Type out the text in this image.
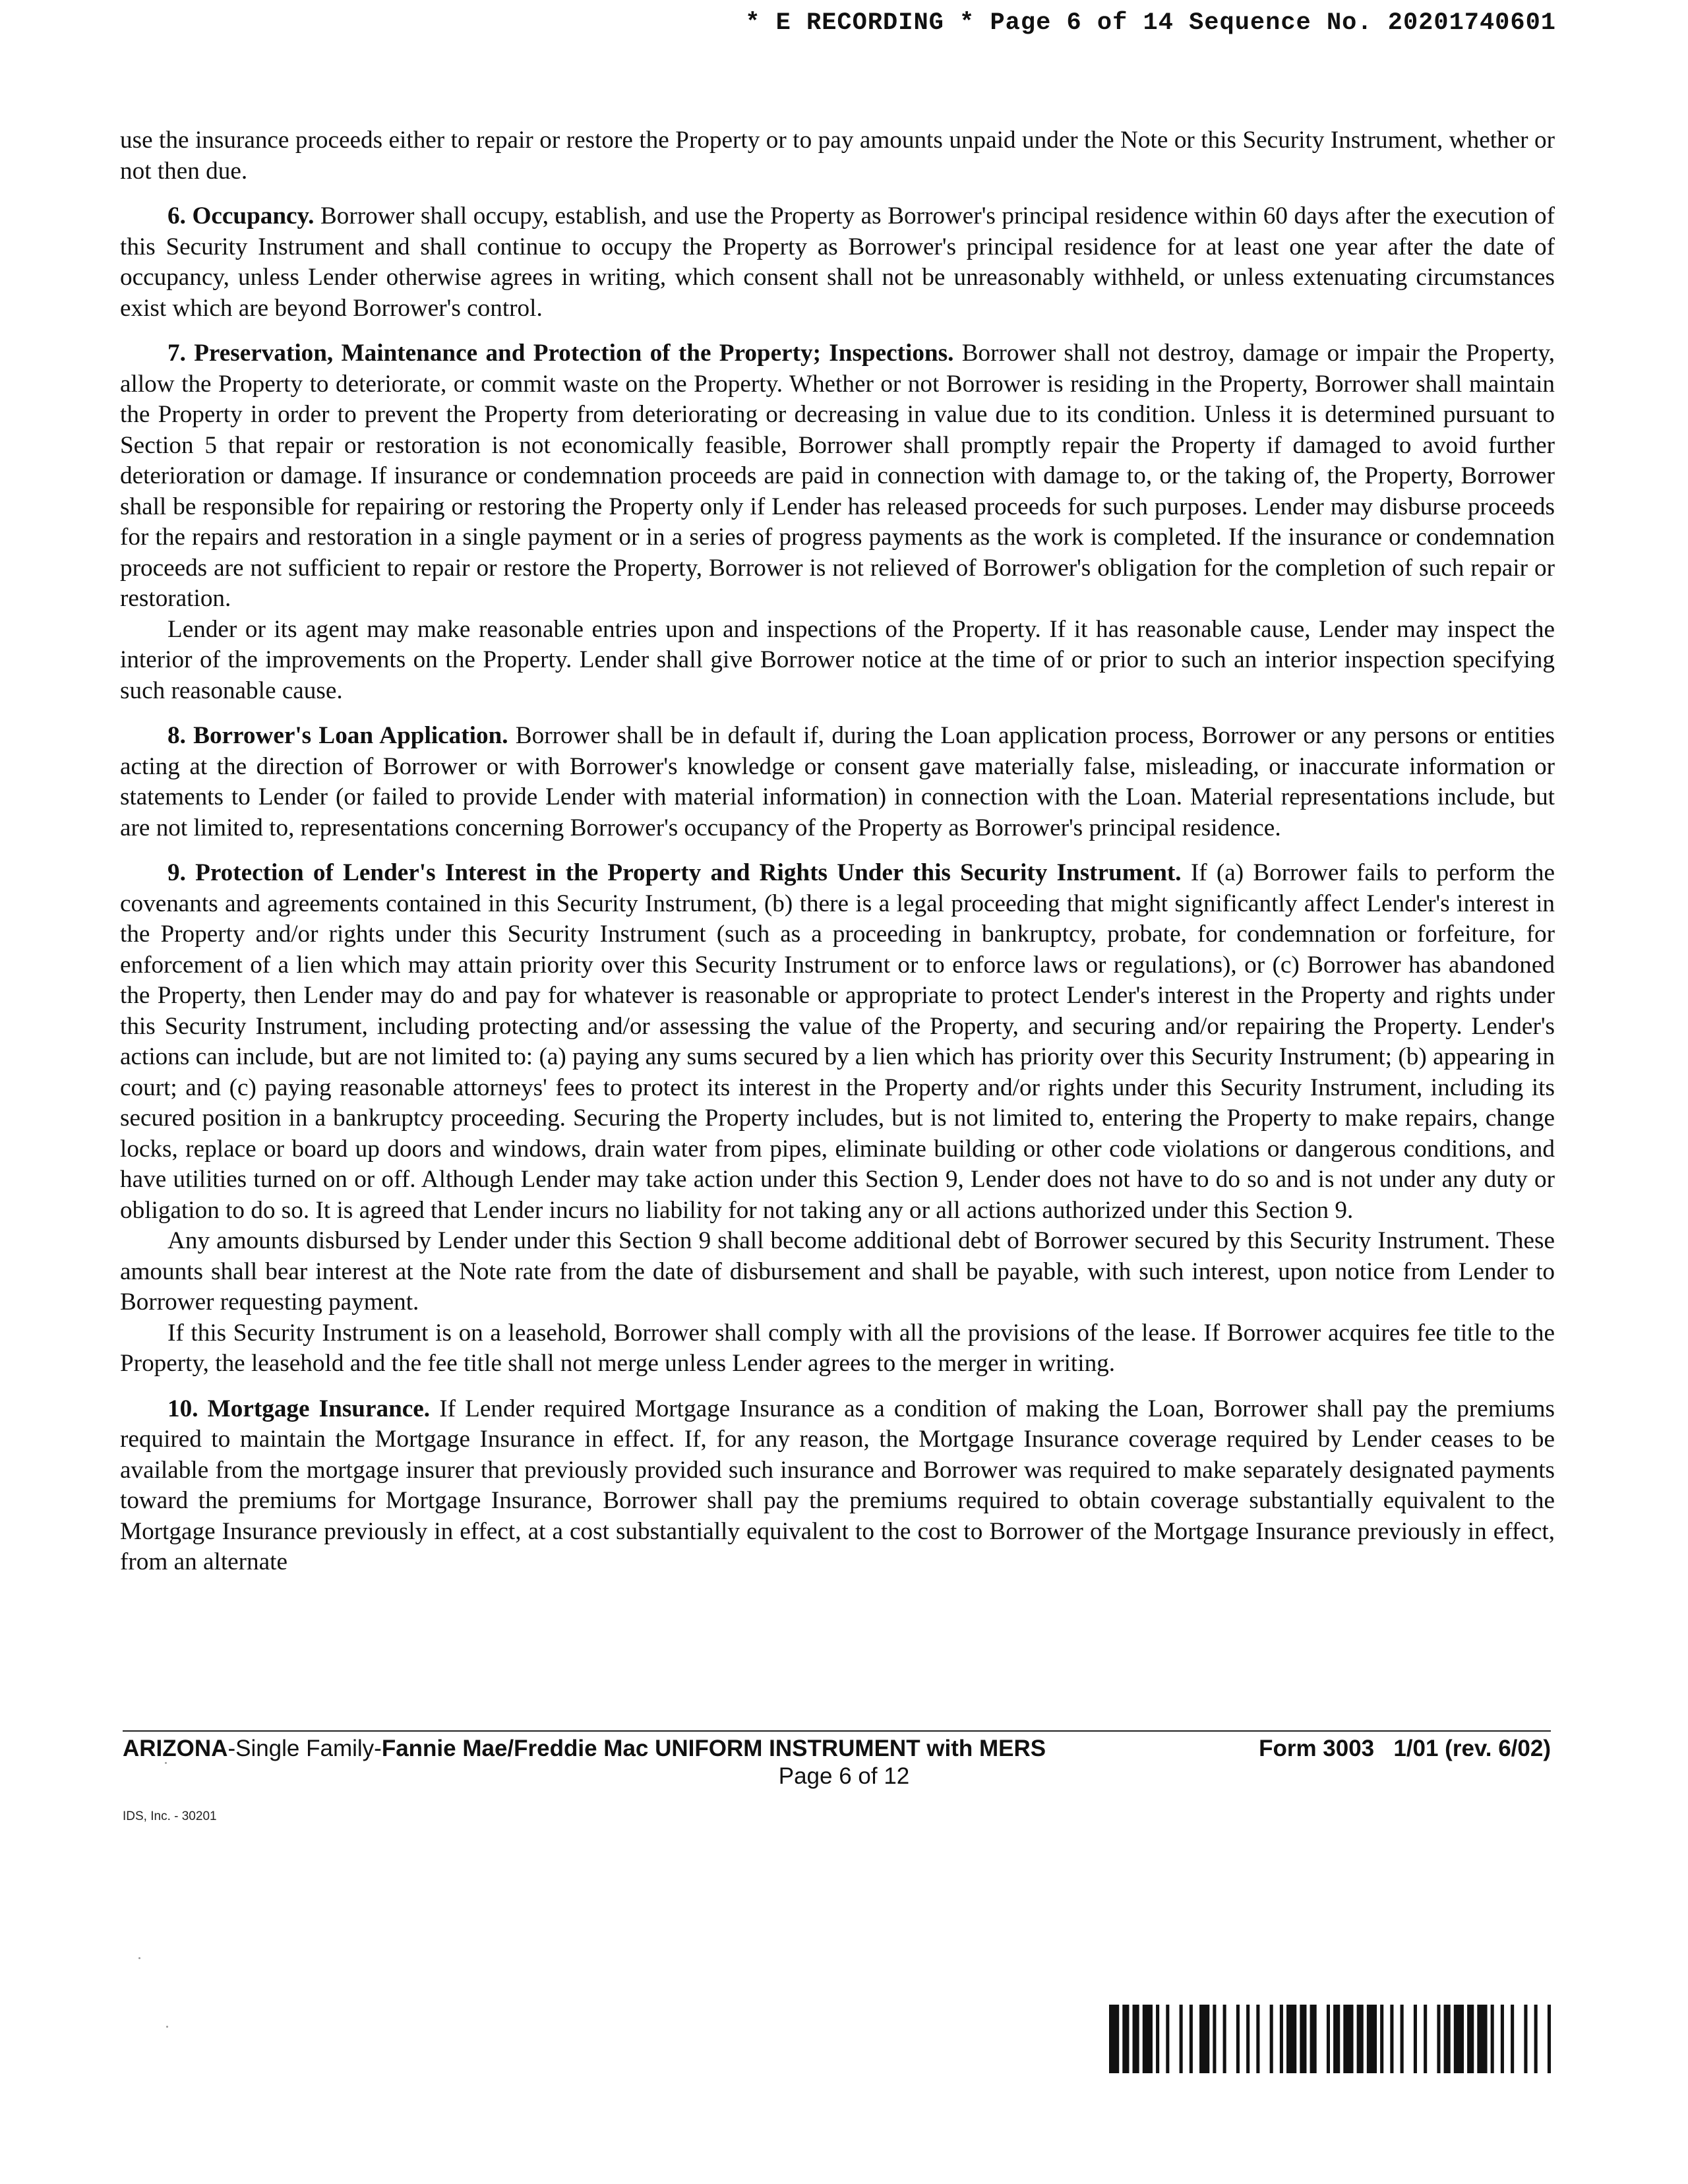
* E RECORDING * Page 6 of 14 Sequence No. 20201740601

use the insurance proceeds either to repair or restore the Property or to pay amounts unpaid under the Note or this Security Instrument, whether or not then due.

6. Occupancy. Borrower shall occupy, establish, and use the Property as Borrower's principal residence within 60 days after the execution of this Security Instrument and shall continue to occupy the Property as Borrower's principal residence for at least one year after the date of occupancy, unless Lender otherwise agrees in writing, which consent shall not be unreasonably withheld, or unless extenuating circumstances exist which are beyond Borrower's control.

7. Preservation, Maintenance and Protection of the Property; Inspections. Borrower shall not destroy, damage or impair the Property, allow the Property to deteriorate, or commit waste on the Property. Whether or not Borrower is residing in the Property, Borrower shall maintain the Property in order to prevent the Property from deteriorating or decreasing in value due to its condition. Unless it is determined pursuant to Section 5 that repair or restoration is not economically feasible, Borrower shall promptly repair the Property if damaged to avoid further deterioration or damage. If insurance or condemnation proceeds are paid in connection with damage to, or the taking of, the Property, Borrower shall be responsible for repairing or restoring the Property only if Lender has released proceeds for such purposes. Lender may disburse proceeds for the repairs and restoration in a single payment or in a series of progress payments as the work is completed. If the insurance or condemnation proceeds are not sufficient to repair or restore the Property, Borrower is not relieved of Borrower's obligation for the completion of such repair or restoration.

Lender or its agent may make reasonable entries upon and inspections of the Property. If it has reasonable cause, Lender may inspect the interior of the improvements on the Property. Lender shall give Borrower notice at the time of or prior to such an interior inspection specifying such reasonable cause.

8. Borrower's Loan Application. Borrower shall be in default if, during the Loan application process, Borrower or any persons or entities acting at the direction of Borrower or with Borrower's knowledge or consent gave materially false, misleading, or inaccurate information or statements to Lender (or failed to provide Lender with material information) in connection with the Loan. Material representations include, but are not limited to, representations concerning Borrower's occupancy of the Property as Borrower's principal residence.

9. Protection of Lender's Interest in the Property and Rights Under this Security Instrument. If (a) Borrower fails to perform the covenants and agreements contained in this Security Instrument, (b) there is a legal proceeding that might significantly affect Lender's interest in the Property and/or rights under this Security Instrument (such as a proceeding in bankruptcy, probate, for condemnation or forfeiture, for enforcement of a lien which may attain priority over this Security Instrument or to enforce laws or regulations), or (c) Borrower has abandoned the Property, then Lender may do and pay for whatever is reasonable or appropriate to protect Lender's interest in the Property and rights under this Security Instrument, including protecting and/or assessing the value of the Property, and securing and/or repairing the Property. Lender's actions can include, but are not limited to: (a) paying any sums secured by a lien which has priority over this Security Instrument; (b) appearing in court; and (c) paying reasonable attorneys' fees to protect its interest in the Property and/or rights under this Security Instrument, including its secured position in a bankruptcy proceeding. Securing the Property includes, but is not limited to, entering the Property to make repairs, change locks, replace or board up doors and windows, drain water from pipes, eliminate building or other code violations or dangerous conditions, and have utilities turned on or off. Although Lender may take action under this Section 9, Lender does not have to do so and is not under any duty or obligation to do so. It is agreed that Lender incurs no liability for not taking any or all actions authorized under this Section 9.

Any amounts disbursed by Lender under this Section 9 shall become additional debt of Borrower secured by this Security Instrument. These amounts shall bear interest at the Note rate from the date of disbursement and shall be payable, with such interest, upon notice from Lender to Borrower requesting payment.

If this Security Instrument is on a leasehold, Borrower shall comply with all the provisions of the lease. If Borrower acquires fee title to the Property, the leasehold and the fee title shall not merge unless Lender agrees to the merger in writing.

10. Mortgage Insurance. If Lender required Mortgage Insurance as a condition of making the Loan, Borrower shall pay the premiums required to maintain the Mortgage Insurance in effect. If, for any reason, the Mortgage Insurance coverage required by Lender ceases to be available from the mortgage insurer that previously provided such insurance and Borrower was required to make separately designated payments toward the premiums for Mortgage Insurance, Borrower shall pay the premiums required to obtain coverage substantially equivalent to the Mortgage Insurance previously in effect, at a cost substantially equivalent to the cost to Borrower of the Mortgage Insurance previously in effect, from an alternate

ARIZONA-Single Family-Fannie Mae/Freddie Mac UNIFORM INSTRUMENT with MERS	Form 3003   1/01 (rev. 6/02)
Page 6 of 12
IDS, Inc. - 30201
